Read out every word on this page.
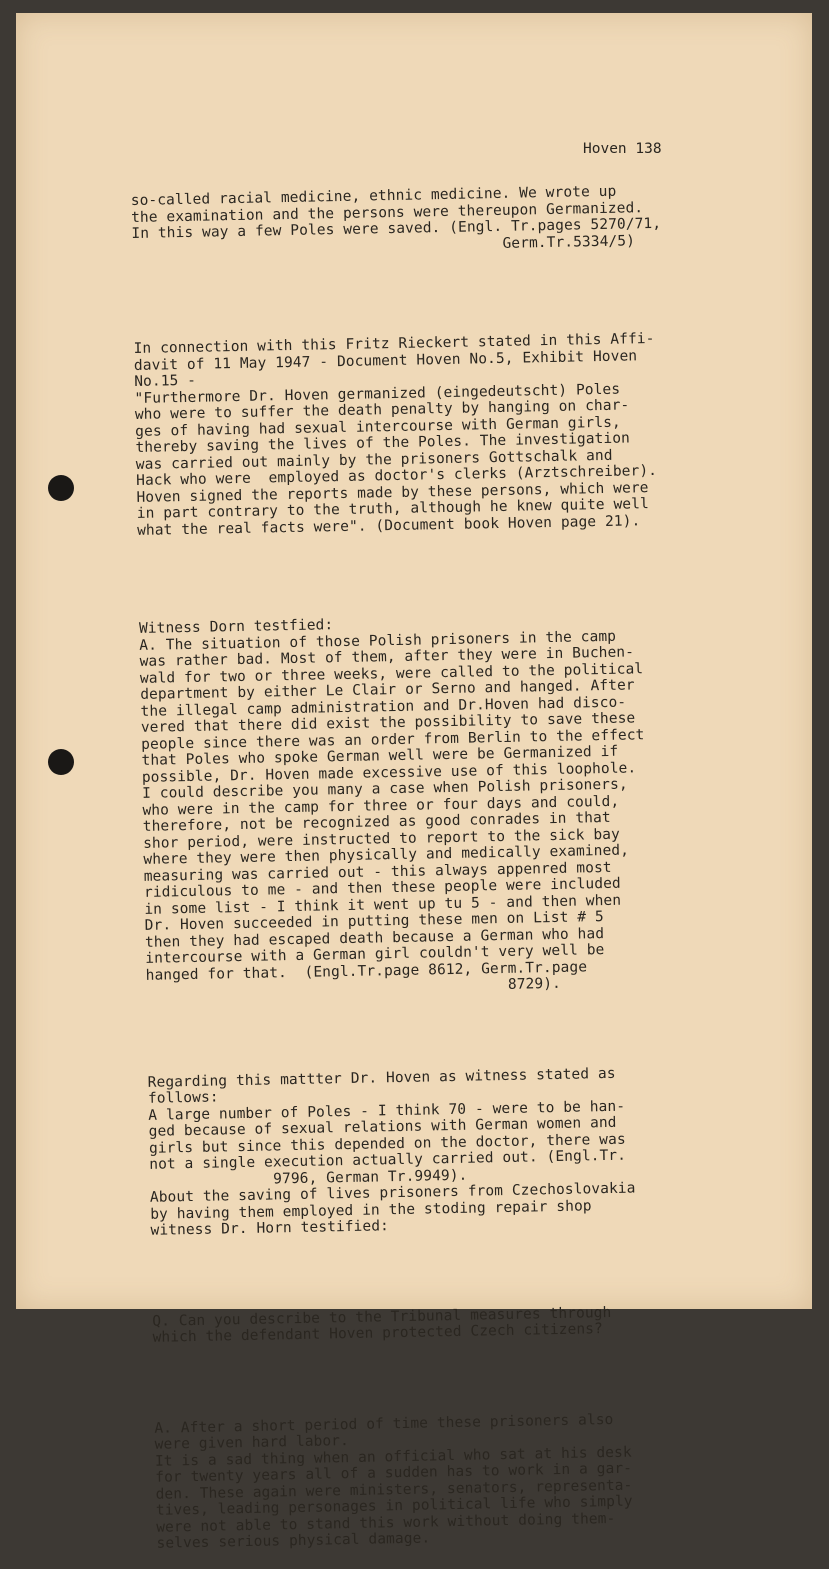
Hoven 138

so-called racial medicine, ethnic medicine. We wrote up
the examination and the persons were thereupon Germanized.
In this way a few Poles were saved. (Engl. Tr.pages 5270/71,
Germ.Tr.5334/5)

In connection with this Fritz Rieckert stated in this Affi-
davit of 11 May 1947 - Document Hoven No.5, Exhibit Hoven
No.15 -
"Furthermore Dr. Hoven germanized (eingedeutscht) Poles
who were to suffer the death penalty by hanging on char-
ges of having had sexual intercourse with German girls,
thereby saving the lives of the Poles. The investigation
was carried out mainly by the prisoners Gottschalk and
Hack who were  employed as doctor's clerks (Arztschreiber).
Hoven signed the reports made by these persons, which were
in part contrary to the truth, although he knew quite well
what the real facts were". (Document book Hoven page 21).

Witness Dorn testfied:
A. The situation of those Polish prisoners in the camp
was rather bad. Most of them, after they were in Buchen-
wald for two or three weeks, were called to the political
department by either Le Clair or Serno and hanged. After
the illegal camp administration and Dr.Hoven had disco-
vered that there did exist the possibility to save these
people since there was an order from Berlin to the effect
that Poles who spoke German well were be Germanized if
possible, Dr. Hoven made excessive use of this loophole.
I could describe you many a case when Polish prisoners,
who were in the camp for three or four days and could,
therefore, not be recognized as good conrades in that
shor period, were instructed to report to the sick bay
where they were then physically and medically examined,
measuring was carried out - this always appenred most
ridiculous to me - and then these people were included
in some list - I think it went up tu 5 - and then when
Dr. Hoven succeeded in putting these men on List # 5
then they had escaped death because a German who had
intercourse with a German girl couldn't very well be
hanged for that.  (Engl.Tr.page 8612, Germ.Tr.page
8729).

Regarding this mattter Dr. Hoven as witness stated as
follows:
A large number of Poles - I think 70 - were to be han-
ged because of sexual relations with German women and
girls but since this depended on the doctor, there was
not a single execution actually carried out. (Engl.Tr.
9796, German Tr.9949).
About the saving of lives prisoners from Czechoslovakia
by having them employed in the stoding repair shop
witness Dr. Horn testified:

Q. Can you describe to the Tribunal measures through
which the defendant Hoven protected Czech citizens?

A. After a short period of time these prisoners also
were given hard labor.
It is a sad thing when an official who sat at his desk
for twenty years all of a sudden has to work in a gar-
den. These again were ministers, senators, representa-
tives, leading personages in political life who simply
were not able to stand this work without doing them-
selves serious physical damage.
